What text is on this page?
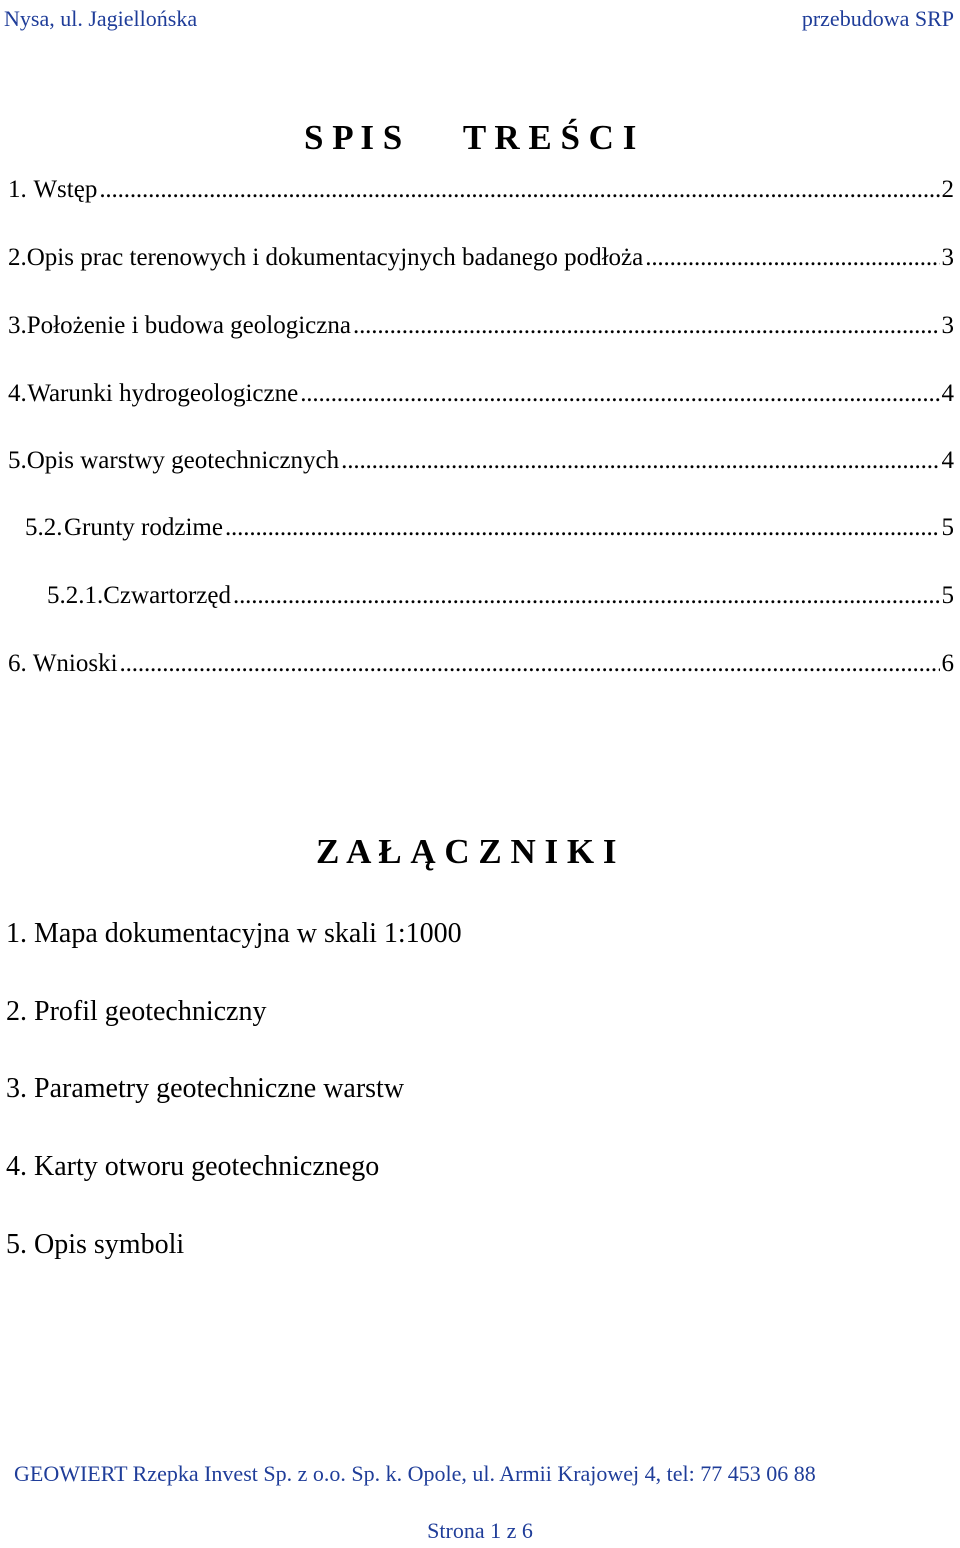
Nysa, ul. Jagiellońska	przebudowa SRP
S P I S       T R E Ś C I
1. Wstęp . . .	2
2. Opis prac terenowych i dokumentacyjnych badanego podłoża . . .	3
3. Położenie i budowa geologiczna . . .	3
4. Warunki hydrogeologiczne . . .	4
5. Opis warstwy geotechnicznych . . .	4
5.2. Grunty rodzime . . .	5
5.2.1. Czwartorzęd . . .	5
6. Wnioski . . .	6
Z A Ł Ą C Z N I K I
1. Mapa dokumentacyjna w skali 1:1000
2. Profil geotechniczny
3. Parametry geotechniczne warstw
4. Karty otworu geotechnicznego
5. Opis symboli
GEOWIERT Rzepka Invest Sp. z o.o. Sp. k. Opole, ul. Armii Krajowej 4, tel: 77 453 06 88
Strona 1 z 6
